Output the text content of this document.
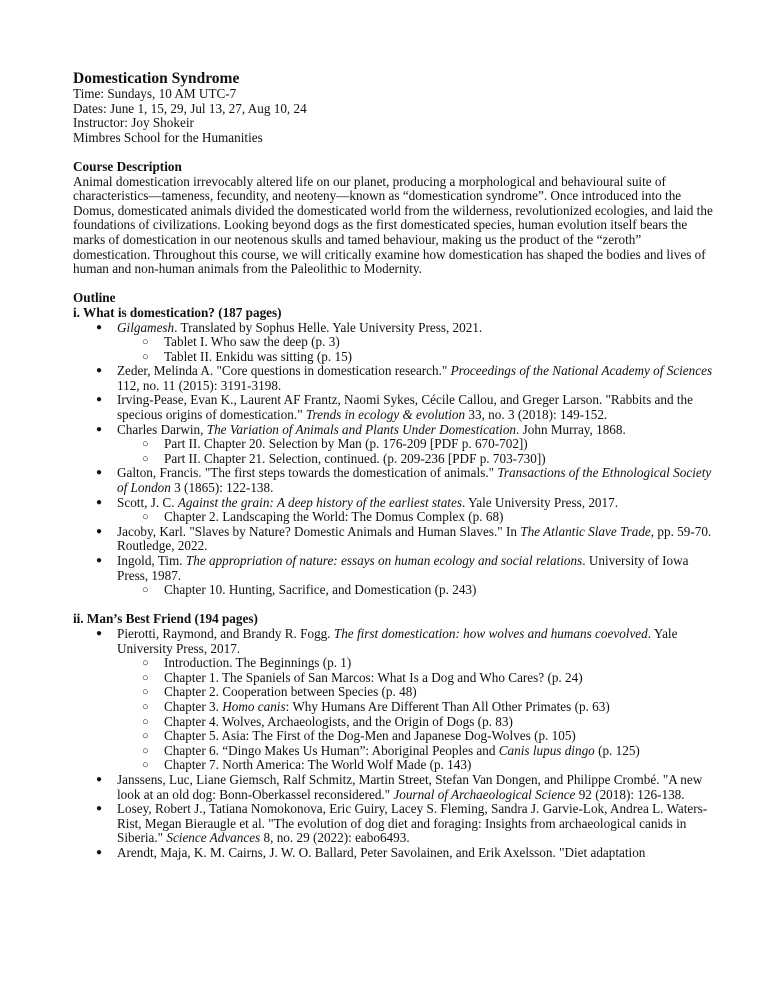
Domestication Syndrome
Time: Sundays, 10 AM UTC-7
Dates: June 1, 15, 29, Jul 13, 27, Aug 10, 24
Instructor: Joy Shokeir
Mimbres School for the Humanities
Course Description

Animal domestication irrevocably altered life on our planet, producing a morphological and behavioural suite of characteristics—tameness, fecundity, and neoteny—known as “domestication syndrome”. Once introduced into the Domus, domesticated animals divided the domesticated world from the wilderness, revolutionized ecologies, and laid the foundations of civilizations. Looking beyond dogs as the first domesticated species, human evolution itself bears the marks of domestication in our neotenous skulls and tamed behaviour, making us the product of the “zeroth” domestication. Throughout this course, we will critically examine how domestication has shaped the bodies and lives of human and non-human animals from the Paleolithic to Modernity.

Outline
i. What is domestication? (187 pages)
● Gilgamesh. Translated by Sophus Helle. Yale University Press, 2021.
○ Tablet I. Who saw the deep (p. 3)
○ Tablet II. Enkidu was sitting (p. 15)
● Zeder, Melinda A. "Core questions in domestication research." Proceedings of the National Academy of Sciences 112, no. 11 (2015): 3191-3198.
● Irving-Pease, Evan K., Laurent AF Frantz, Naomi Sykes, Cécile Callou, and Greger Larson. "Rabbits and the specious origins of domestication." Trends in ecology & evolution 33, no. 3 (2018): 149-152.
● Charles Darwin, The Variation of Animals and Plants Under Domestication. John Murray, 1868.
○ Part II. Chapter 20. Selection by Man (p. 176-209 [PDF p. 670-702])
○ Part II. Chapter 21. Selection, continued. (p. 209-236 [PDF p. 703-730])
● Galton, Francis. "The first steps towards the domestication of animals." Transactions of the Ethnological Society of London 3 (1865): 122-138.
● Scott, J. C. Against the grain: A deep history of the earliest states. Yale University Press, 2017.
○ Chapter 2. Landscaping the World: The Domus Complex (p. 68)
● Jacoby, Karl. "Slaves by Nature? Domestic Animals and Human Slaves." In The Atlantic Slave Trade, pp. 59-70. Routledge, 2022.
● Ingold, Tim. The appropriation of nature: essays on human ecology and social relations. University of Iowa Press, 1987.
○ Chapter 10. Hunting, Sacrifice, and Domestication (p. 243)
ii. Man’s Best Friend (194 pages)
● Pierotti, Raymond, and Brandy R. Fogg. The first domestication: how wolves and humans coevolved. Yale University Press, 2017.
○ Introduction. The Beginnings (p. 1)
○ Chapter 1. The Spaniels of San Marcos: What Is a Dog and Who Cares? (p. 24)
○ Chapter 2. Cooperation between Species (p. 48)
○ Chapter 3. Homo canis: Why Humans Are Different Than All Other Primates (p. 63)
○ Chapter 4. Wolves, Archaeologists, and the Origin of Dogs (p. 83)
○ Chapter 5. Asia: The First of the Dog-Men and Japanese Dog-Wolves (p. 105)
○ Chapter 6. “Dingo Makes Us Human”: Aboriginal Peoples and Canis lupus dingo (p. 125)
○ Chapter 7. North America: The World Wolf Made (p. 143)
● Janssens, Luc, Liane Giemsch, Ralf Schmitz, Martin Street, Stefan Van Dongen, and Philippe Crombé. "A new look at an old dog: Bonn-Oberkassel reconsidered." Journal of Archaeological Science 92 (2018): 126-138.
● Losey, Robert J., Tatiana Nomokonova, Eric Guiry, Lacey S. Fleming, Sandra J. Garvie-Lok, Andrea L. Waters-Rist, Megan Bieraugle et al. "The evolution of dog diet and foraging: Insights from archaeological canids in Siberia." Science Advances 8, no. 29 (2022): eabo6493.
● Arendt, Maja, K. M. Cairns, J. W. O. Ballard, Peter Savolainen, and Erik Axelsson. "Diet adaptation
